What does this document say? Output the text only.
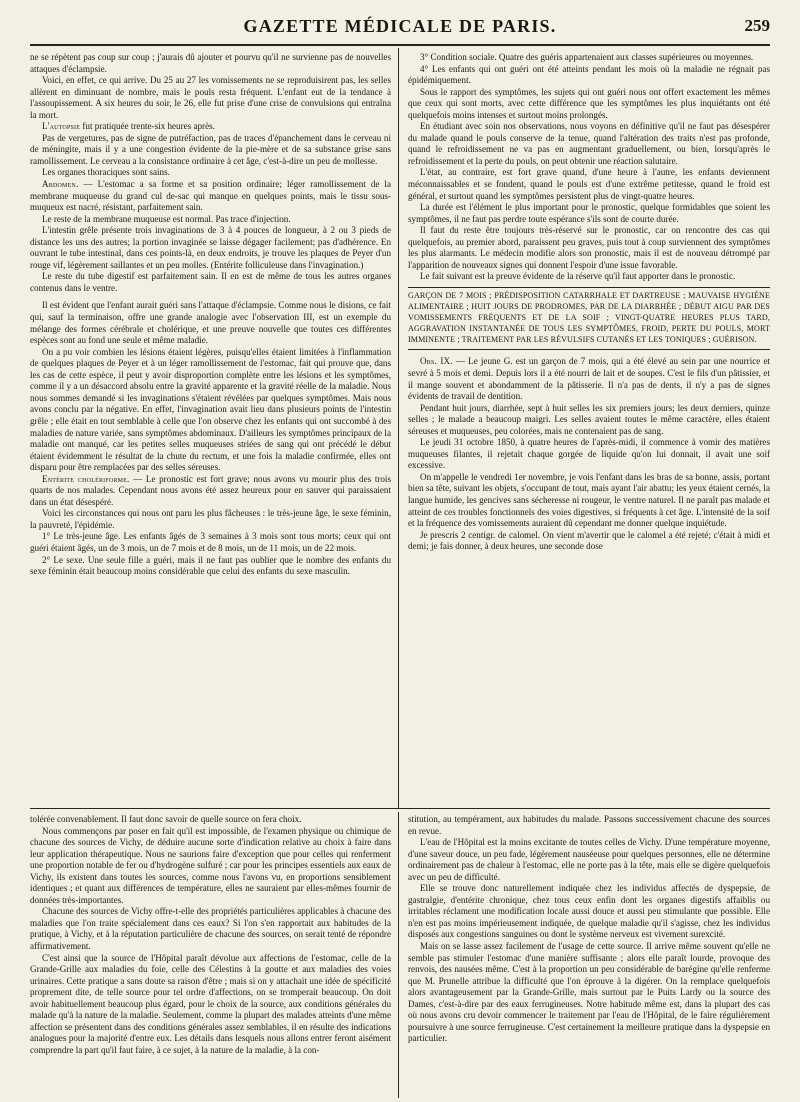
GAZETTE MÉDICALE DE PARIS.	259

ne se répètent pas coup sur coup ; j'aurais dû ajouter et pourvu qu'il ne survienne pas de nouvelles attaques d'éclampsie.

Voici, en effet, ce qui arrive. Du 25 au 27 les vomissements ne se reproduisirent pas, les selles allèrent en diminuant de nombre, mais le pouls resta fréquent. L'enfant eut de la tendance à l'assoupissement. A six heures du soir, le 26, elle fut prise d'une crise de convulsions qui entraîna la mort.

L'autopsie fut pratiquée trente-six heures après.

Pas de vergetures, pas de signe de putréfaction, pas de traces d'épanchement dans le cerveau ni de méningite, mais il y a une congestion évidente de la pie-mère et de sa substance grise sans ramollissement. Le cerveau a la consistance ordinaire à cet âge, c'est-à-dire un peu de mollesse.

Les organes thoraciques sont sains.

Abdomen. — L'estomac a sa forme et sa position ordinaire; léger ramollissement de la membrane muqueuse du grand cul de-sac qui manque en quelques points, mais le tissu sous-muqueux est nacré, résistant, parfaitement sain.

Le reste de la membrane muqueuse est normal. Pas trace d'injection.

L'intestin grêle présente trois invaginations de 3 à 4 pouces de longueur, à 2 ou 3 pieds de distance les uns des autres; la portion invaginée se laisse dégager facilement; pas d'adhérence. En ouvrant le tube intestinal, dans ces points-là, en deux endroits, je trouve les plaques de Peyer d'un rouge vif, légèrement saillantes et un peu molles. (Entérite folliculeuse dans l'invagination.)

Le reste du tube digestif est parfaitement sain. Il en est de même de tous les autres organes contenus dans le ventre.

Il est évident que l'enfant aurait guéri sans l'attaque d'éclampsie. Comme nous le disions, ce fait qui, sauf la terminaison, offre une grande analogie avec l'observation III, est un exemple du mélange des formes cérébrale et cholérique, et une preuve nouvelle que toutes ces différentes espèces sont au fond une seule et même maladie.

On a pu voir combien les lésions étaient légères, puisqu'elles étaient limitées à l'inflammation de quelques plaques de Peyer et à un léger ramollissement de l'estomac, fait qui prouve que, dans les cas de cette espèce, il peut y avoir disproportion complète entre les lésions et les symptômes, comme il y a un désaccord absolu entre la gravité apparente et la gravité réelle de la maladie. Nous nous sommes demandé si les invaginations s'étaient révélées par quelques symptômes. Mais nous avons conclu par la négative. En effet, l'invagination avait lieu dans plusieurs points de l'intestin grêle ; elle était en tout semblable à celle que l'on observe chez les enfants qui ont succombé à des maladies de nature variée, sans symptômes abdominaux. D'ailleurs les symptômes principaux de la maladie ont manqué, car les petites selles muqueuses striées de sang qui ont précédé le début étaient évidemment le résultat de la chute du rectum, et une fois la maladie confirmée, elles ont disparu pour être remplacées par des selles séreuses.

Entérite cholériforme. — Le pronostic est fort grave; nous avons vu mourir plus des trois quarts de nos malades. Cependant nous avons été assez heureux pour en sauver qui paraissaient dans un état désespéré.

Voici les circonstances qui nous ont paru les plus fâcheuses : le très-jeune âge, le sexe féminin, la pauvreté, l'épidémie.

1° Le très-jeune âge. Les enfants âgés de 3 semaines à 3 mois sont tous morts; ceux qui ont guéri étaient âgés, un de 3 mois, un de 7 mois et de 8 mois, un de 11 mois, un de 22 mois.

2° Le sexe. Une seule fille a guéri, mais il ne faut pas oublier que le nombre des enfants du sexe féminin était beaucoup moins considérable que celui des enfants du sexe masculin.

3° Condition sociale. Quatre des guéris appartenaient aux classes supérieures ou moyennes.

4° Les enfants qui ont guéri ont été atteints pendant les mois où la maladie ne régnait pas épidémiquement.

Sous le rapport des symptômes, les sujets qui ont guéri nous ont offert exactement les mêmes que ceux qui sont morts, avec cette différence que les symptômes les plus inquiétants ont été quelquefois moins intenses et surtout moins prolongés.

En étudiant avec soin nos observations, nous voyons en définitive qu'il ne faut pas désespérer du malade quand le pouls conserve de la tenue, quand l'altération des traits n'est pas profonde, quand le refroidissement ne va pas en augmentant graduellement, ou bien, lorsqu'après le refroidissement et la perte du pouls, on peut obtenir une réaction salutaire.

L'état, au contraire, est fort grave quand, d'une heure à l'autre, les enfants deviennent méconnaissables et se fondent, quand le pouls est d'une extrême petitesse, quand le froid est général, et surtout quand les symptômes persistent plus de vingt-quatre heures.

La durée est l'élément le plus important pour le pronostic, quelque formidables que soient les symptômes, il ne faut pas perdre toute espérance s'ils sont de courte durée.

Il faut du reste être toujours très-réservé sur le pronostic, car on rencontre des cas qui quelquefois, au premier abord, paraissent peu graves, puis tout à coup surviennent des symptômes les plus alarmants. Le médecin modifie alors son pronostic, mais il est de nouveau détrompé par l'apparition de nouveaux signes qui donnent l'espoir d'une issue favorable.

Le fait suivant est la preuve évidente de la réserve qu'il faut apporter dans le pronostic.

GARÇON DE 7 MOIS ; PRÉDISPOSITION CATARRHALE ET DARTREUSE ; MAUVAISE HYGIÈNE ALIMENTAIRE ; HUIT JOURS DE PRODROMES, PAR DE LA DIARRHÉE ; DÉBUT AIGU PAR DES VOMISSEMENTS FRÉQUENTS ET DE LA SOIF ; VINGT-QUATRE HEURES PLUS TARD, AGGRAVATION INSTANTANÉE DE TOUS LES SYMPTÔMES, FROID, PERTE DU POULS, MORT IMMINENTE ; TRAITEMENT PAR LES RÉVULSIFS CUTANÉS ET LES TONIQUES ; GUÉRISON.

Obs. IX. — Le jeune G. est un garçon de 7 mois, qui a été élevé au sein par une nourrice et sevré à 5 mois et demi. Depuis lors il a été nourri de lait et de soupes. C'est le fils d'un pâtissier, et il mange souvent et abondamment de la pâtisserie. Il n'a pas de dents, il n'y a pas de signes évidents de travail de dentition.

Pendant huit jours, diarrhée, sept à huit selles les six premiers jours; les deux derniers, quinze selles ; le malade a beaucoup maigri. Les selles avaient toutes le même caractère, elles étaient séreuses et muqueuses, peu colorées, mais ne contenaient pas de sang.

Le jeudi 31 octobre 1850, à quatre heures de l'après-midi, il commence à vomir des matières muqueuses filantes, il rejetait chaque gorgée de liquide qu'on lui donnait, il avait une soif excessive.

On m'appelle le vendredi 1er novembre, je vois l'enfant dans les bras de sa bonne, assis, portant bien sa tête, suivant les objets, s'occupant de tout, mais ayant l'air abattu; les yeux étaient cernés, la langue humide, les gencives sans sécheresse ni rougeur, le ventre naturel. Il ne paraît pas malade et atteint de ces troubles fonctionnels des voies digestives, si fréquents à cet âge. L'intensité de la soif et la fréquence des vomissements auraient dû cependant me donner quelque inquiétude.

Je prescris 2 centigr. de calomel. On vient m'avertir que le calomel a été rejeté; c'était à midi et demi; je fais donner, à deux heures, une seconde dose

tolérée convenablement. Il faut donc savoir de quelle source on fera choix.

Nous commençons par poser en fait qu'il est impossible, de l'examen physique ou chimique de chacune des sources de Vichy, de déduire aucune sorte d'indication relative au choix à faire dans leur application thérapeutique. Nous ne saurions faire d'exception que pour celles qui renferment une proportion notable de fer ou d'hydrogène sulfuré ; car pour les principes essentiels aux eaux de Vichy, ils existent dans toutes les sources, comme nous l'avons vu, en proportions sensiblement identiques ; et quant aux différences de température, elles ne sauraient par elles-mêmes fournir de données très-importantes.

Chacune des sources de Vichy offre-t-elle des propriétés particulières applicables à chacune des maladies que l'on traite spécialement dans ces eaux? Si l'on s'en rapportait aux habitudes de la pratique, à Vichy, et à la réputation particulière de chacune des sources, on serait tenté de répondre affirmativement.

C'est ainsi que la source de l'Hôpital paraît dévolue aux affections de l'estomac, celle de la Grande-Grille aux maladies du foie, celle des Célestins à la goutte et aux maladies des voies urinaires. Cette pratique a sans doute sa raison d'être ; mais si on y attachait une idée de spécificité proprement dite, de telle source pour tel ordre d'affections, on se tromperait beaucoup. On doit avoir habituellement beaucoup plus égard, pour le choix de la source, aux conditions générales du malade qu'à la nature de la maladie. Seulement, comme la plupart des malades atteints d'une même affection se présentent dans des conditions générales assez semblables, il en résulte des indications analogues pour la majorité d'entre eux. Les détails dans lesquels nous allons entrer feront aisément comprendre la part qu'il faut faire, à ce sujet, à la nature de la maladie, à la con-

stitution, au tempérament, aux habitudes du malade. Passons successivement chacune des sources en revue.

L'eau de l'Hôpital est la moins excitante de toutes celles de Vichy. D'une température moyenne, d'une saveur douce, un peu fade, légèrement nauséeuse pour quelques personnes, elle ne détermine ordinairement pas de chaleur à l'estomac, elle ne porte pas à la tête, mais elle se digère quelquefois avec un peu de difficulté.

Elle se trouve donc naturellement indiquée chez les individus affectés de dyspepsie, de gastralgie, d'entérite chronique, chez tous ceux enfin dont les organes digestifs affaiblis ou irritables réclament une modification locale aussi douce et aussi peu stimulante que possible. Elle n'en est pas moins impérieusement indiquée, de quelque maladie qu'il s'agisse, chez les individus disposés aux congestions sanguines ou dont le système nerveux est vivement surexcité.

Mais on se lasse assez facilement de l'usage de cette source. Il arrive même souvent qu'elle ne semble pas stimuler l'estomac d'une manière suffisante ; alors elle paraît lourde, provoque des renvois, des nausées même. C'est à la proportion un peu considérable de barégine qu'elle renferme que M. Prunelle attribue la difficulté que l'on éprouve à la digérer. On la remplace quelquefois alors avantageusement par la Grande-Grille, mais surtout par le Puits Lardy ou la source des Dames, c'est-à-dire par des eaux ferrugineuses. Notre habitude même est, dans la plupart des cas où nous avons cru devoir commencer le traitement par l'eau de l'Hôpital, de le faire régulièrement poursuivre à une source ferrugineuse. C'est certainement la meilleure pratique dans la dyspepsie en particulier.
